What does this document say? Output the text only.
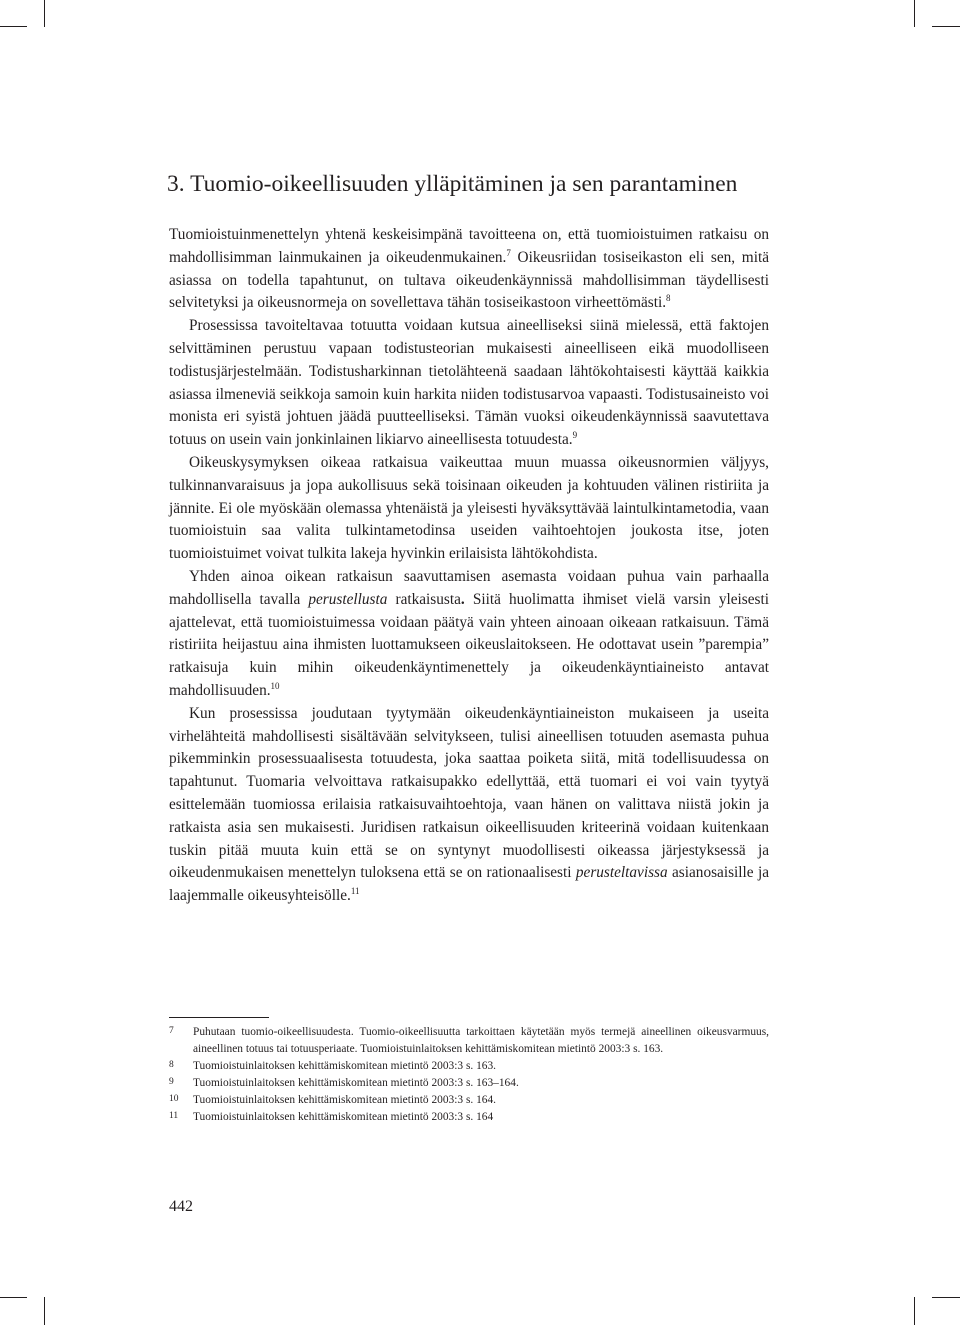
3. Tuomio-oikeellisuuden ylläpitäminen ja sen parantaminen

Tuomioistuinmenettelyn yhtenä keskeisimpänä tavoitteena on, että tuomioistuimen ratkaisu on mahdollisimman lainmukainen ja oikeudenmukainen.$^7$ Oikeusriidan tosiseikaston eli sen, mitä asiassa on todella tapahtunut, on tultava oikeudenkäynnissä mahdollisimman täydellisesti selvitetyksi ja oikeusnormeja on sovellettava tähän tosiseikastoon virheettömästi.$^8$

Prosessissa tavoiteltavaa totuutta voidaan kutsua aineelliseksi siinä mielessä, että faktojen selvittäminen perustuu vapaan todistusteorian mukaisesti aineelliseen eikä muodolliseen todistusjärjestelmään. Todistusharkinnan tietolähteenä saadaan lähtökohtaisesti käyttää kaikkia asiassa ilmeneviä seikkoja samoin kuin harkita niiden todistusarvoa vapaasti. Todistusaineisto voi monista eri syistä johtuen jäädä puutteelliseksi. Tämän vuoksi oikeudenkäynnissä saavutettava totuus on usein vain jonkinlainen likiarvo aineellisesta totuudesta.$^9$

Oikeuskysymyksen oikeaa ratkaisua vaikeuttaa muun muassa oikeusnormien väljyys, tulkinnanvaraisuus ja jopa aukollisuus sekä toisinaan oikeuden ja kohtuuden välinen ristiriita ja jännite. Ei ole myöskään olemassa yhtenäistä ja yleisesti hyväksyttävää laintulkintametodia, vaan tuomioistuin saa valita tulkintametodinsa useiden vaihtoehtojen joukosta itse, joten tuomioistuimet voivat tulkita lakeja hyvinkin erilaisista lähtökohdista.

Yhden ainoa oikean ratkaisun saavuttamisen asemasta voidaan puhua vain parhaalla mahdollisella tavalla perustellusta ratkaisusta. Siitä huolimatta ihmiset vielä varsin yleisesti ajattelevat, että tuomioistuimessa voidaan päätyä vain yhteen ainoaan oikeaan ratkaisuun. Tämä ristiriita heijastuu aina ihmisten luottamukseen oikeuslaitokseen. He odottavat usein ”parempia” ratkaisuja kuin mihin oikeudenkäyntimenettely ja oikeudenkäyntiaineisto antavat mahdollisuuden.$^{10}$

Kun prosessissa joudutaan tyytymään oikeudenkäyntiaineiston mukaiseen ja useita virhelähteitä mahdollisesti sisältävään selvitykseen, tulisi aineellisen totuuden asemasta puhua pikemminkin prosessuaalisesta totuudesta, joka saattaa poiketa siitä, mitä todellisuudessa on tapahtunut. Tuomaria velvoittava ratkaisupakko edellyttää, että tuomari ei voi vain tyytyä esittelemään tuomiossa erilaisia ratkaisuvaihtoehtoja, vaan hänen on valittava niistä jokin ja ratkaista asia sen mukaisesti. Juridisen ratkaisun oikeellisuuden kriteerinä voidaan kuitenkaan tuskin pitää muuta kuin että se on syntynyt muodollisesti oikeassa järjestyksessä ja oikeudenmukaisen menettelyn tuloksena että se on rationaalisesti perusteltavissa asianosaisille ja laajemmalle oikeusyhteisölle.$^{11}$

7 Puhutaan tuomio-oikeellisuudesta. Tuomio-oikeellisuutta tarkoittaen käytetään myös termejä aineellinen oikeusvarmuus, aineellinen totuus tai totuusperiaate. Tuomioistuinlaitoksen kehittämiskomitean mietintö 2003:3 s. 163.
8 Tuomioistuinlaitoksen kehittämiskomitean mietintö 2003:3 s. 163.
9 Tuomioistuinlaitoksen kehittämiskomitean mietintö 2003:3 s. 163–164.
10 Tuomioistuinlaitoksen kehittämiskomitean mietintö 2003:3 s. 164.
11 Tuomioistuinlaitoksen kehittämiskomitean mietintö 2003:3 s. 164
442
